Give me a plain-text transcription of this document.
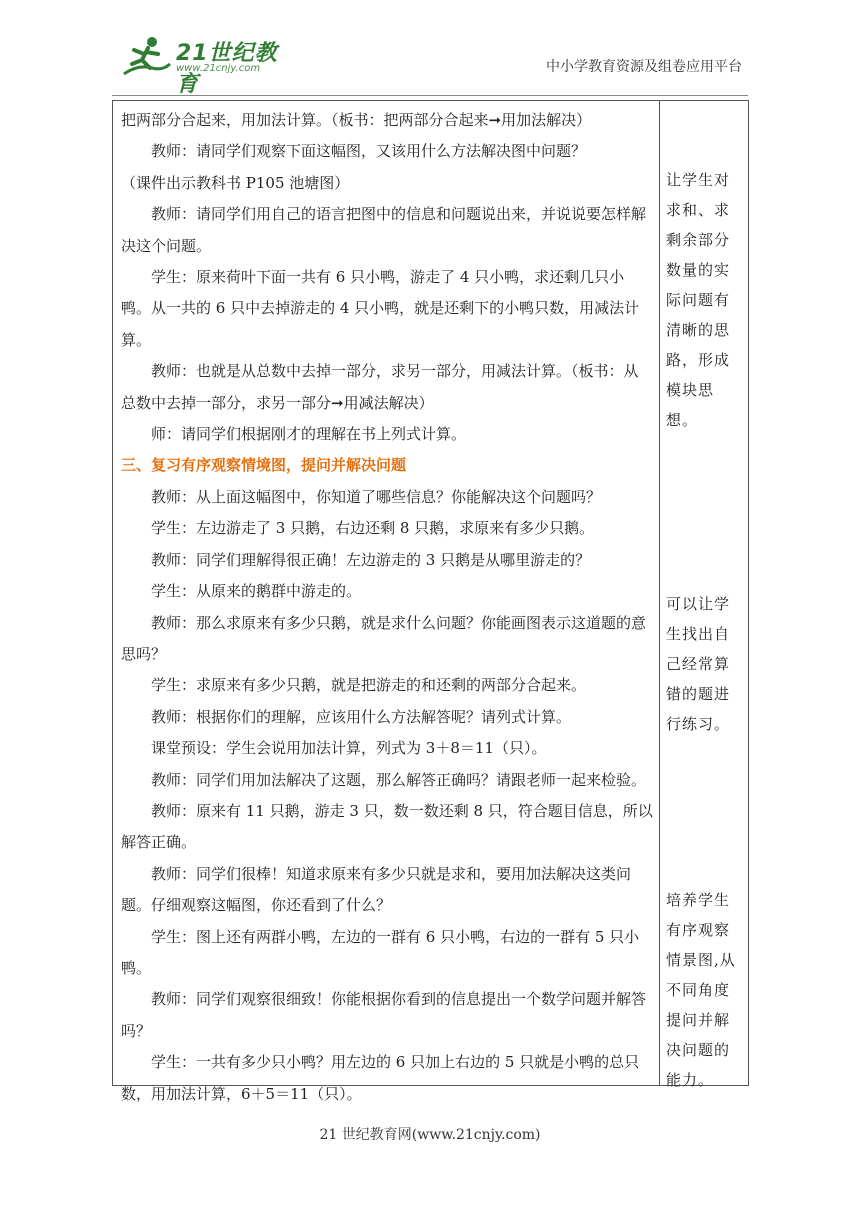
21世纪教育
www.21cnjy.com	中小学教育资源及组卷应用平台

把两部分合起来，用加法计算。（板书：把两部分合起来➞用加法解决）

教师：请同学们观察下面这幅图，又该用什么方法解决图中问题？

（课件出示教科书 P105 池塘图）

教师：请同学们用自己的语言把图中的信息和问题说出来，并说说要怎样解决这个问题。

学生：原来荷叶下面一共有 6 只小鸭，游走了 4 只小鸭，求还剩几只小鸭。从一共的 6 只中去掉游走的 4 只小鸭，就是还剩下的小鸭只数，用减法计算。

教师：也就是从总数中去掉一部分，求另一部分，用减法计算。（板书：从总数中去掉一部分，求另一部分➞用减法解决）

师：请同学们根据刚才的理解在书上列式计算。

三、复习有序观察情境图，提问并解决问题

教师：从上面这幅图中，你知道了哪些信息？你能解决这个问题吗？

学生：左边游走了 3 只鹅，右边还剩 8 只鹅，求原来有多少只鹅。

教师：同学们理解得很正确！左边游走的 3 只鹅是从哪里游走的？

学生：从原来的鹅群中游走的。

教师：那么求原来有多少只鹅，就是求什么问题？你能画图表示这道题的意思吗？

学生：求原来有多少只鹅，就是把游走的和还剩的两部分合起来。

教师：根据你们的理解，应该用什么方法解答呢？请列式计算。

课堂预设：学生会说用加法计算，列式为 3＋8＝11（只）。

教师：同学们用加法解决了这题，那么解答正确吗？请跟老师一起来检验。

教师：原来有 11 只鹅，游走 3 只，数一数还剩 8 只，符合题目信息，所以解答正确。

教师：同学们很棒！知道求原来有多少只就是求和，要用加法解决这类问题。仔细观察这幅图，你还看到了什么？

学生：图上还有两群小鸭，左边的一群有 6 只小鸭，右边的一群有 5 只小鸭。

教师：同学们观察很细致！你能根据你看到的信息提出一个数学问题并解答吗？

学生：一共有多少只小鸭？用左边的 6 只加上右边的 5 只就是小鸭的总只数，用加法计算，6＋5＝11（只）。

让学生对求和、求剩余部分数量的实际问题有清晰的思路，形成模块思想。
可以让学生找出自己经常算错的题进行练习。
培养学生有序观察情景图,从不同角度提问并解决问题的能力。
21 世纪教育网(www.21cnjy.com)
